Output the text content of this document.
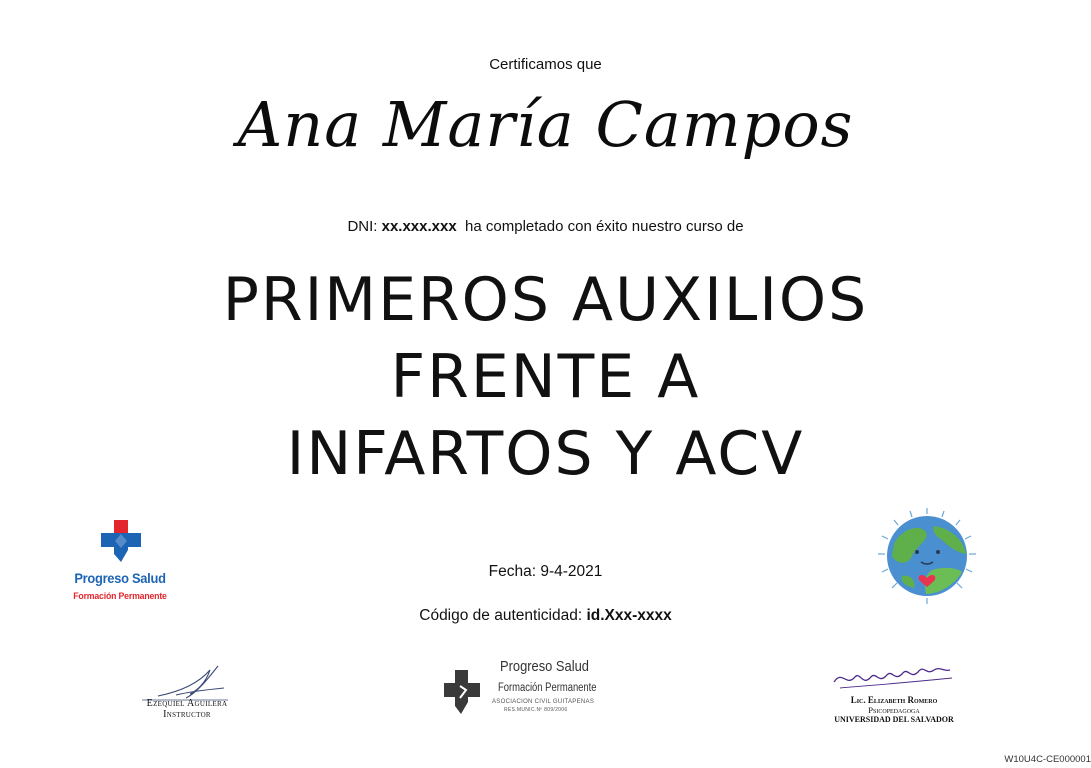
Certificamos que
Ana María Campos
DNI: xx.xxx.xxx ha completado con éxito nuestro curso de
PRIMEROS AUXILIOS
FRENTE A
INFARTOS Y ACV
Progreso Salud
Formación Permanente
Fecha: 9-4-2021
Código de autenticidad: id.Xxx-xxxx
Ezequiel Aguilera
Instructor
Progreso Salud
Formación Permanente
ASOCIACION CIVIL GUITAPENAS
RES.MUNIC.Nº 809/2006
Lic. Elizabeth Romero
Psicopedagoga
UNIVERSIDAD DEL SALVADOR
W10U4C-CE000001
